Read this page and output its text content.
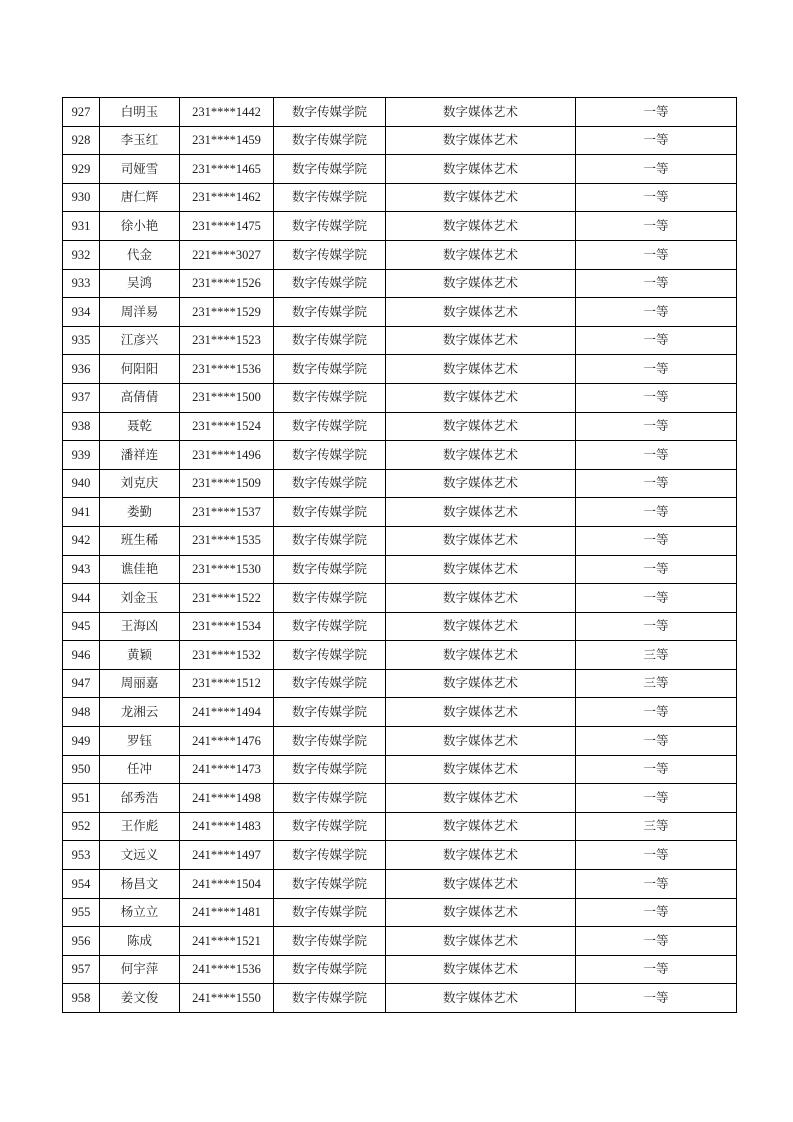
927	白明玉	231****1442	数字传媒学院	数字媒体艺术	一等
928	李玉红	231****1459	数字传媒学院	数字媒体艺术	一等
929	司娅雪	231****1465	数字传媒学院	数字媒体艺术	一等
930	唐仁辉	231****1462	数字传媒学院	数字媒体艺术	一等
931	徐小艳	231****1475	数字传媒学院	数字媒体艺术	一等
932	代金	221****3027	数字传媒学院	数字媒体艺术	一等
933	吴鸿	231****1526	数字传媒学院	数字媒体艺术	一等
934	周洋易	231****1529	数字传媒学院	数字媒体艺术	一等
935	江彦兴	231****1523	数字传媒学院	数字媒体艺术	一等
936	何阳阳	231****1536	数字传媒学院	数字媒体艺术	一等
937	高倩倩	231****1500	数字传媒学院	数字媒体艺术	一等
938	聂乾	231****1524	数字传媒学院	数字媒体艺术	一等
939	潘祥连	231****1496	数字传媒学院	数字媒体艺术	一等
940	刘克庆	231****1509	数字传媒学院	数字媒体艺术	一等
941	娄勤	231****1537	数字传媒学院	数字媒体艺术	一等
942	班生稀	231****1535	数字传媒学院	数字媒体艺术	一等
943	谯佳艳	231****1530	数字传媒学院	数字媒体艺术	一等
944	刘金玉	231****1522	数字传媒学院	数字媒体艺术	一等
945	王海凶	231****1534	数字传媒学院	数字媒体艺术	一等
946	黄颖	231****1532	数字传媒学院	数字媒体艺术	三等
947	周丽嘉	231****1512	数字传媒学院	数字媒体艺术	三等
948	龙湘云	241****1494	数字传媒学院	数字媒体艺术	一等
949	罗钰	241****1476	数字传媒学院	数字媒体艺术	一等
950	任冲	241****1473	数字传媒学院	数字媒体艺术	一等
951	邰秀浩	241****1498	数字传媒学院	数字媒体艺术	一等
952	王作彪	241****1483	数字传媒学院	数字媒体艺术	三等
953	文远义	241****1497	数字传媒学院	数字媒体艺术	一等
954	杨昌文	241****1504	数字传媒学院	数字媒体艺术	一等
955	杨立立	241****1481	数字传媒学院	数字媒体艺术	一等
956	陈成	241****1521	数字传媒学院	数字媒体艺术	一等
957	何宇萍	241****1536	数字传媒学院	数字媒体艺术	一等
958	姜文俊	241****1550	数字传媒学院	数字媒体艺术	一等
